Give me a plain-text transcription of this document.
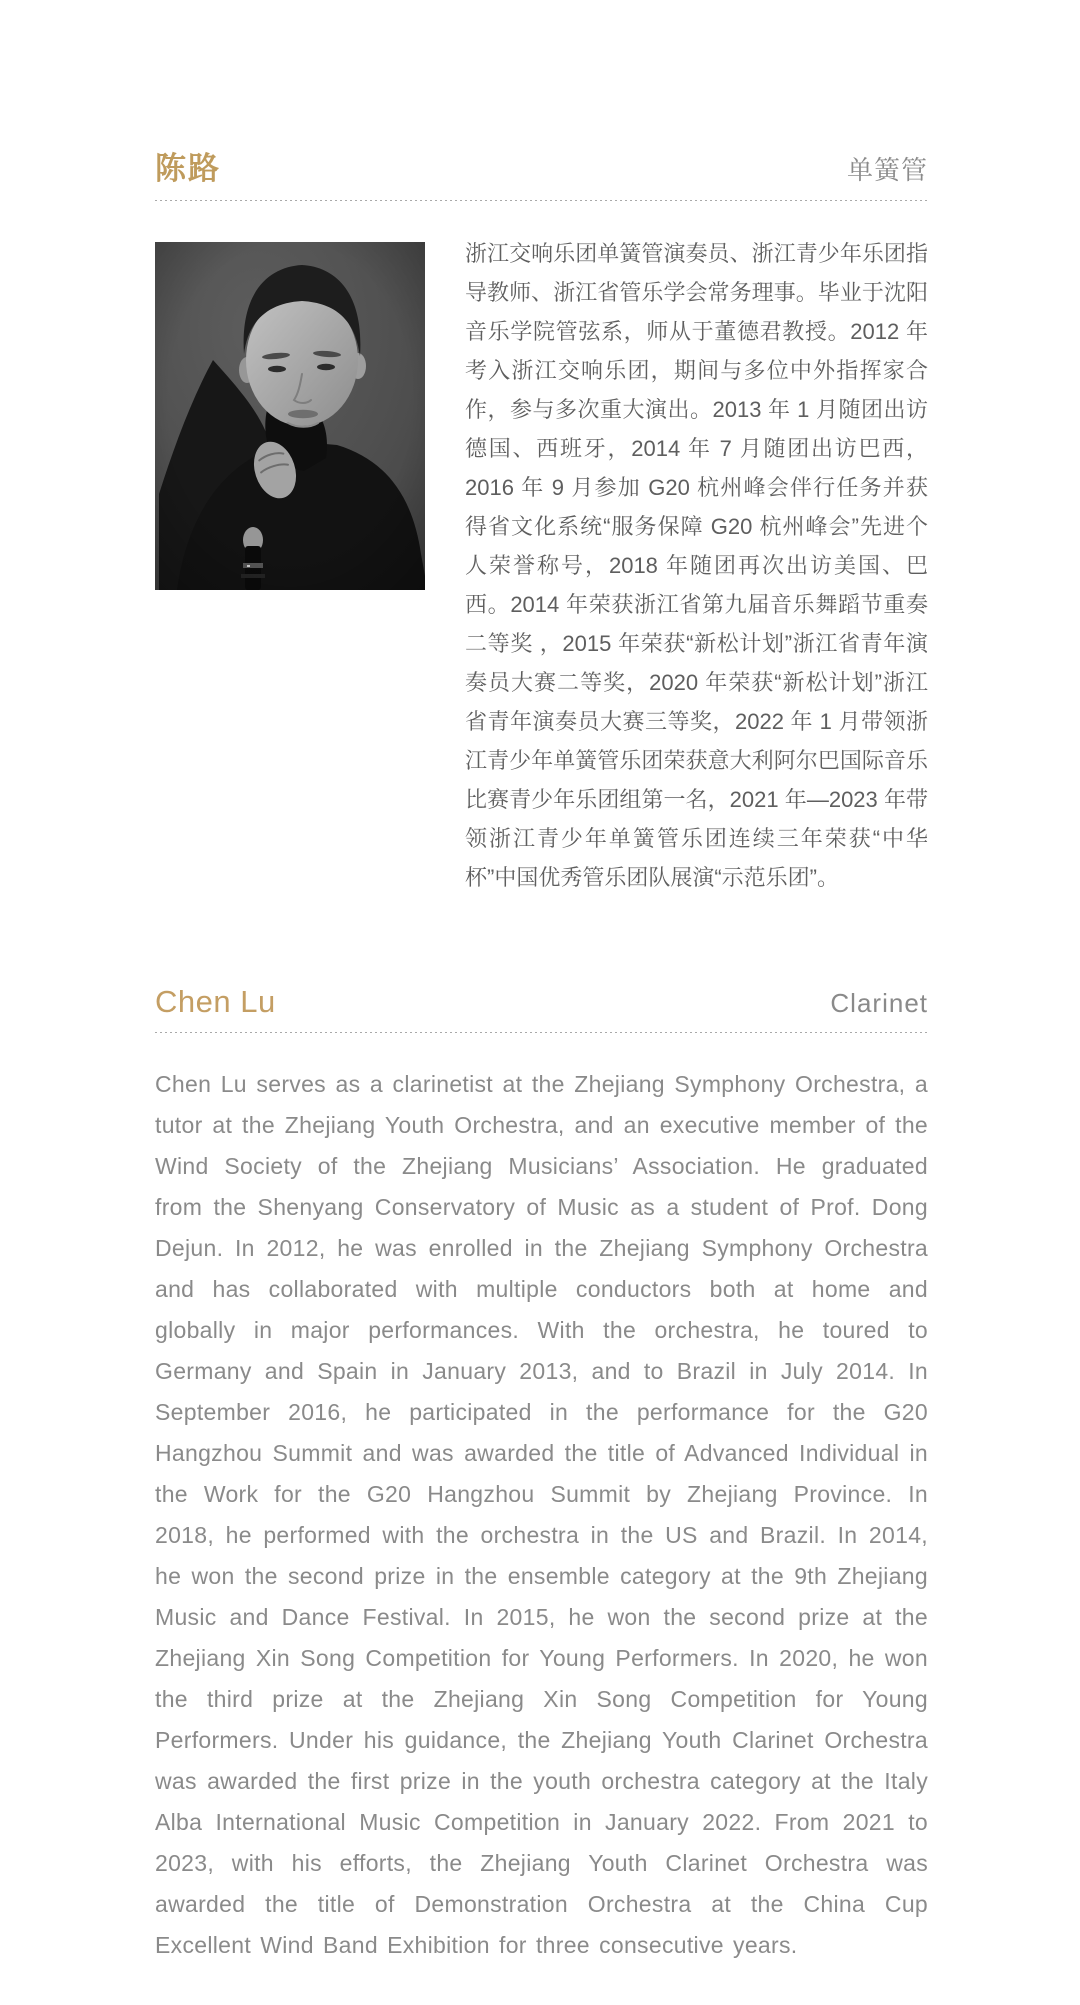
陈路	单簧管

浙江交响乐团单簧管演奏员、浙江青少年乐团指导教师、浙江省管乐学会常务理事。毕业于沈阳音乐学院管弦系，师从于董德君教授。2012 年考入浙江交响乐团，期间与多位中外指挥家合作，参与多次重大演出。2013 年 1 月随团出访德国、西班牙，2014 年 7 月随团出访巴西，2016 年 9 月参加 G20 杭州峰会伴行任务并获得省文化系统“服务保障 G20 杭州峰会”先进个人荣誉称号，2018 年随团再次出访美国、巴西。2014 年荣获浙江省第九届音乐舞蹈节重奏二等奖 ，2015 年荣获“新松计划”浙江省青年演奏员大赛二等奖，2020 年荣获“新松计划”浙江省青年演奏员大赛三等奖，2022 年 1 月带领浙江青少年单簧管乐团荣获意大利阿尔巴国际音乐比赛青少年乐团组第一名，2021 年—2023 年带领浙江青少年单簧管乐团连续三年荣获“中华杯”中国优秀管乐团队展演“示范乐团”。

Chen Lu	Clarinet

Chen Lu serves as a clarinetist at the Zhejiang Symphony Orchestra, a tutor at the Zhejiang Youth Orchestra, and an executive member of the Wind Society of the Zhejiang Musicians’ Association. He graduated from the Shenyang Conservatory of Music as a student of Prof. Dong Dejun. In 2012, he was enrolled in the Zhejiang Symphony Orchestra and has collaborated with multiple conductors both at home and globally in major performances. With the orchestra, he toured to Germany and Spain in January 2013, and to Brazil in July 2014. In September 2016, he participated in the performance for the G20 Hangzhou Summit and was awarded the title of Advanced Individual in the Work for the G20 Hangzhou Summit by Zhejiang Province. In 2018, he performed with the orchestra in the US and Brazil. In 2014, he won the second prize in the ensemble category at the 9th Zhejiang Music and Dance Festival. In 2015, he won the second prize at the Zhejiang Xin Song Competition for Young Performers. In 2020, he won the third prize at the Zhejiang Xin Song Competition for Young Performers. Under his guidance, the Zhejiang Youth Clarinet Orchestra was awarded the first prize in the youth orchestra category at the Italy Alba International Music Competition in January 2022. From 2021 to 2023, with his efforts, the Zhejiang Youth Clarinet Orchestra was awarded the title of Demonstration Orchestra at the China Cup Excellent Wind Band Exhibition for three consecutive years.
